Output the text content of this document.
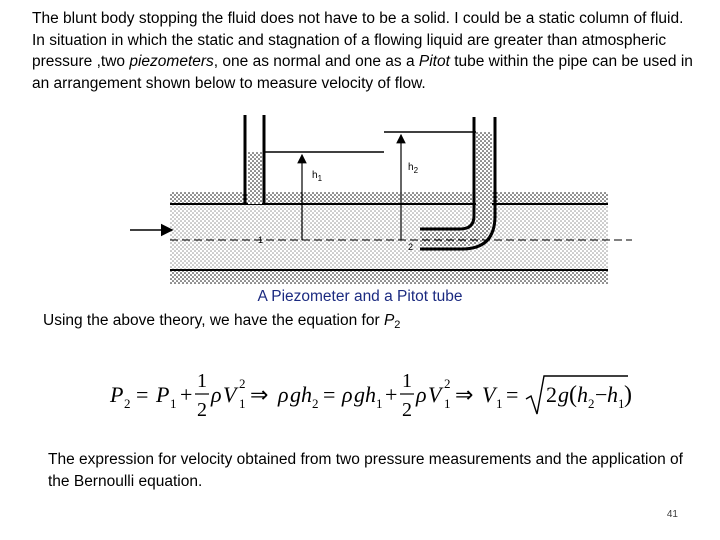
The blunt body stopping the fluid does not have to be a solid. I could be a static column of fluid. In situation in which the static and stagnation of a flowing liquid are greater than atmospheric pressure ,two piezometers, one as normal and one as a Pitot tube within the pipe can be used in an arrangement shown below to measure velocity of flow.
$h_1$
$h_2$
1
2
A Piezometer and a Pitot tube
Using the above theory, we have the equation for $P_2$
P 2 = P 1 +
1
2
ρ V 2
1 ⇒ ρ g h 2 = ρ g h 1 +
1
2
ρ V 2
1 ⇒ V 1 = 2 g ( h 2 − h 1 )
The expression for velocity obtained from two pressure measurements and the application of the Bernoulli equation.
41
